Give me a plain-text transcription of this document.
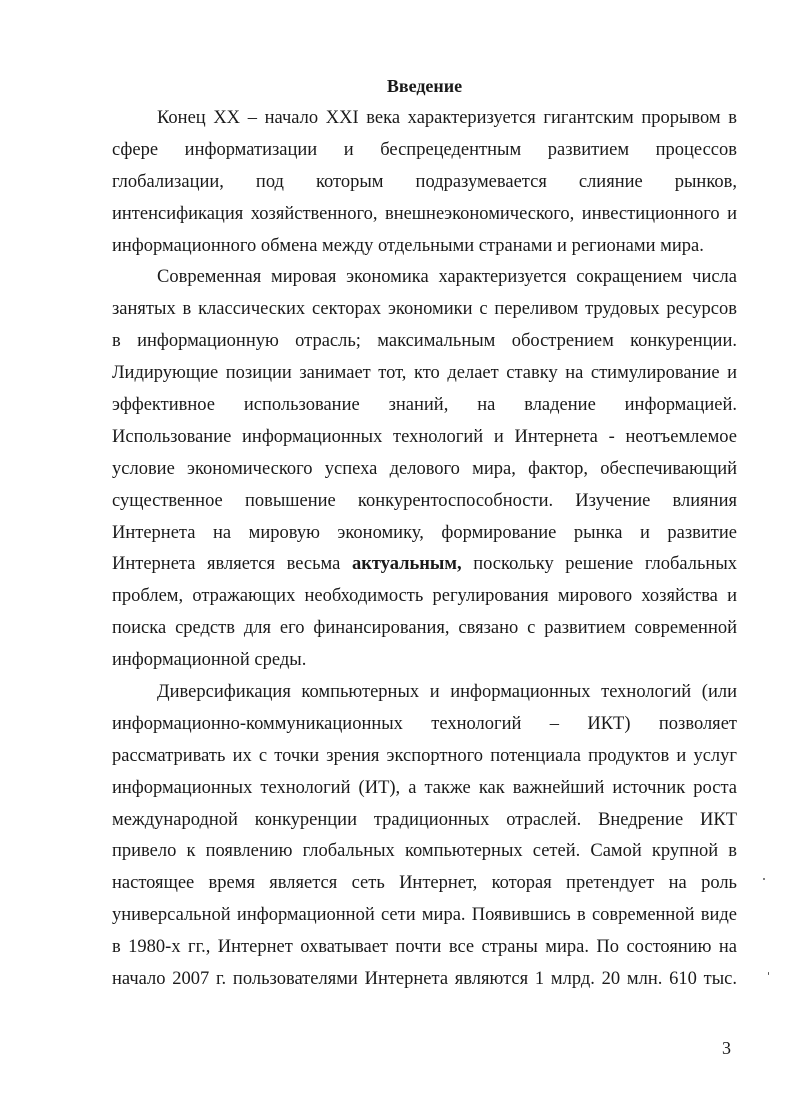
Введение
Конец XX – начало XXI века характеризуется гигантским прорывом в
сфере информатизации и беспрецедентным развитием процессов
глобализации, под которым подразумевается слияние рынков,
интенсификация хозяйственного, внешнеэкономического, инвестиционного и
информационного обмена между отдельными странами и регионами мира.
Современная мировая экономика характеризуется сокращением числа
занятых в классических секторах экономики с переливом трудовых ресурсов
в информационную отрасль; максимальным обострением конкуренции.
Лидирующие позиции занимает тот, кто делает ставку на стимулирование и
эффективное использование знаний, на владение информацией.
Использование информационных технологий и Интернета - неотъемлемое
условие экономического успеха делового мира, фактор, обеспечивающий
существенное повышение конкурентоспособности. Изучение влияния
Интернета на мировую экономику, формирование рынка и развитие
Интернета является весьма актуальным, поскольку решение глобальных
проблем, отражающих необходимость регулирования мирового хозяйства и
поиска средств для его финансирования, связано с развитием современной
информационной среды.
Диверсификация компьютерных и информационных технологий (или
информационно-коммуникационных технологий – ИКТ) позволяет
рассматривать их с точки зрения экспортного потенциала продуктов и услуг
информационных технологий (ИТ), а также как важнейший источник роста
международной конкуренции традиционных отраслей. Внедрение ИКТ
привело к появлению глобальных компьютерных сетей. Самой крупной в
настоящее время является сеть Интернет, которая претендует на роль
универсальной информационной сети мира. Появившись в современной виде
в 1980-х гг., Интернет охватывает почти все страны мира. По состоянию на
начало 2007 г. пользователями Интернета являются 1 млрд. 20 млн. 610 тыс.
3
